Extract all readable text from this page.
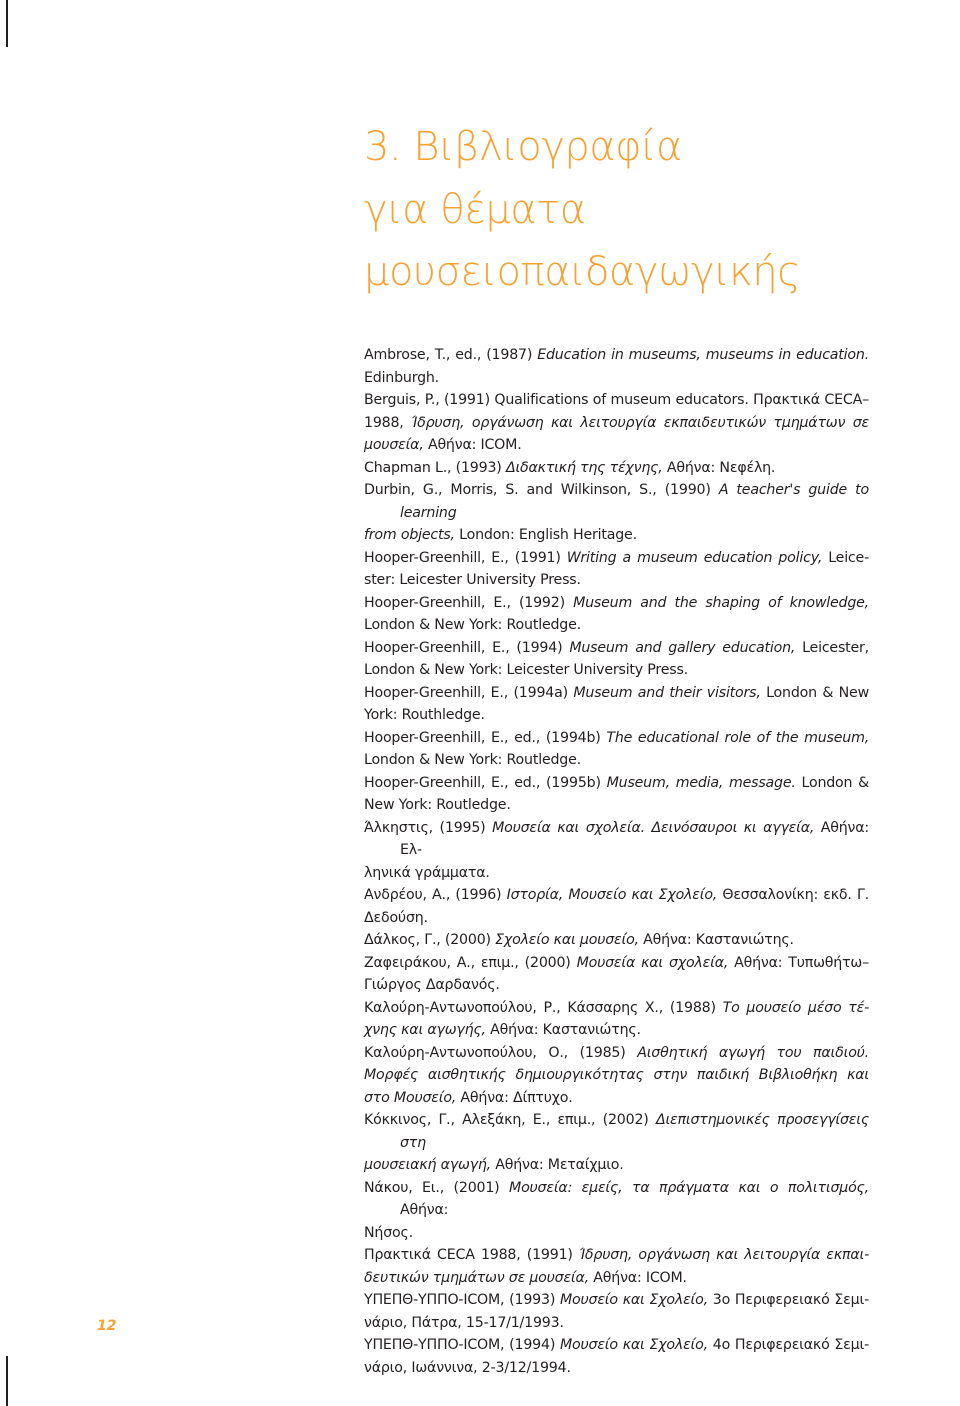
3. Βιβλιογραφία
για θέματα
μουσειοπαιδαγωγικής
Ambrose, T., ed., (1987) Education in museums, museums in education.
Edinburgh.
Berguis, P., (1991) Qualifications of museum educators. Πρακτικά CECA–
1988, Ίδρυση, οργάνωση και λειτουργία εκπαιδευτικών τμημάτων σε
μουσεία, Αθήνα: ICOM.
Chapman L., (1993) Διδακτική της τέχνης, Αθήνα: Νεφέλη.
Durbin, G., Morris, S. and Wilkinson, S., (1990) A teacher's guide to learning
from objects, London: English Heritage.
Hooper-Greenhill, E., (1991) Writing a museum education policy, Leice-
ster: Leicester University Press.
Hooper-Greenhill, E., (1992) Museum and the shaping of knowledge,
London & New York: Routledge.
Hooper-Greenhill, E., (1994) Museum and gallery education, Leicester,
London & New York: Leicester University Press.
Hooper-Greenhill, E., (1994a) Museum and their visitors, London & New
York: Routhledge.
Hooper-Greenhill, E., ed., (1994b) The educational role of the museum,
London & New York: Routledge.
Hooper-Greenhill, E., ed., (1995b) Museum, media, message. London &
New York: Routledge.
Άλκηστις, (1995) Μουσεία και σχολεία. Δεινόσαυροι κι αγγεία, Αθήνα: Ελ-
ληνικά γράμματα.
Ανδρέου, Α., (1996) Ιστορία, Μουσείο και Σχολείο, Θεσσαλονίκη: εκδ. Γ.
Δεδούση.
Δάλκος, Γ., (2000) Σχολείο και μουσείο, Αθήνα: Καστανιώτης.
Ζαφειράκου, Α., επιμ., (2000) Μουσεία και σχολεία, Αθήνα: Τυπωθήτω–
Γιώργος Δαρδανός.
Καλούρη-Αντωνοπούλου, Ρ., Κάσσαρης Χ., (1988) Το μουσείο μέσο τέ-
χνης και αγωγής, Αθήνα: Καστανιώτης.
Καλούρη-Αντωνοπούλου, Ο., (1985) Αισθητική αγωγή του παιδιού.
Μορφές αισθητικής δημιουργικότητας στην παιδική Βιβλιοθήκη και
στο Μουσείο, Αθήνα: Δίπτυχο.
Κόκκινος, Γ., Αλεξάκη, Ε., επιμ., (2002) Διεπιστημονικές προσεγγίσεις στη
μουσειακή αγωγή, Αθήνα: Μεταίχμιο.
Νάκου, Ει., (2001) Μουσεία: εμείς, τα πράγματα και ο πολιτισμός, Αθήνα:
Νήσος.
Πρακτικά CECA 1988, (1991) Ίδρυση, οργάνωση και λειτουργία εκπαι-
δευτικών τμημάτων σε μουσεία, Αθήνα: ICOM.
ΥΠΕΠΘ-ΥΠΠΟ-ICOM, (1993) Μουσείο και Σχολείο, 3ο Περιφερειακό Σεμι-
νάριο, Πάτρα, 15-17/1/1993.
ΥΠΕΠΘ-ΥΠΠΟ-ICOM, (1994) Μουσείο και Σχολείο, 4ο Περιφερειακό Σεμι-
νάριο, Ιωάννινα, 2-3/12/1994.
12
